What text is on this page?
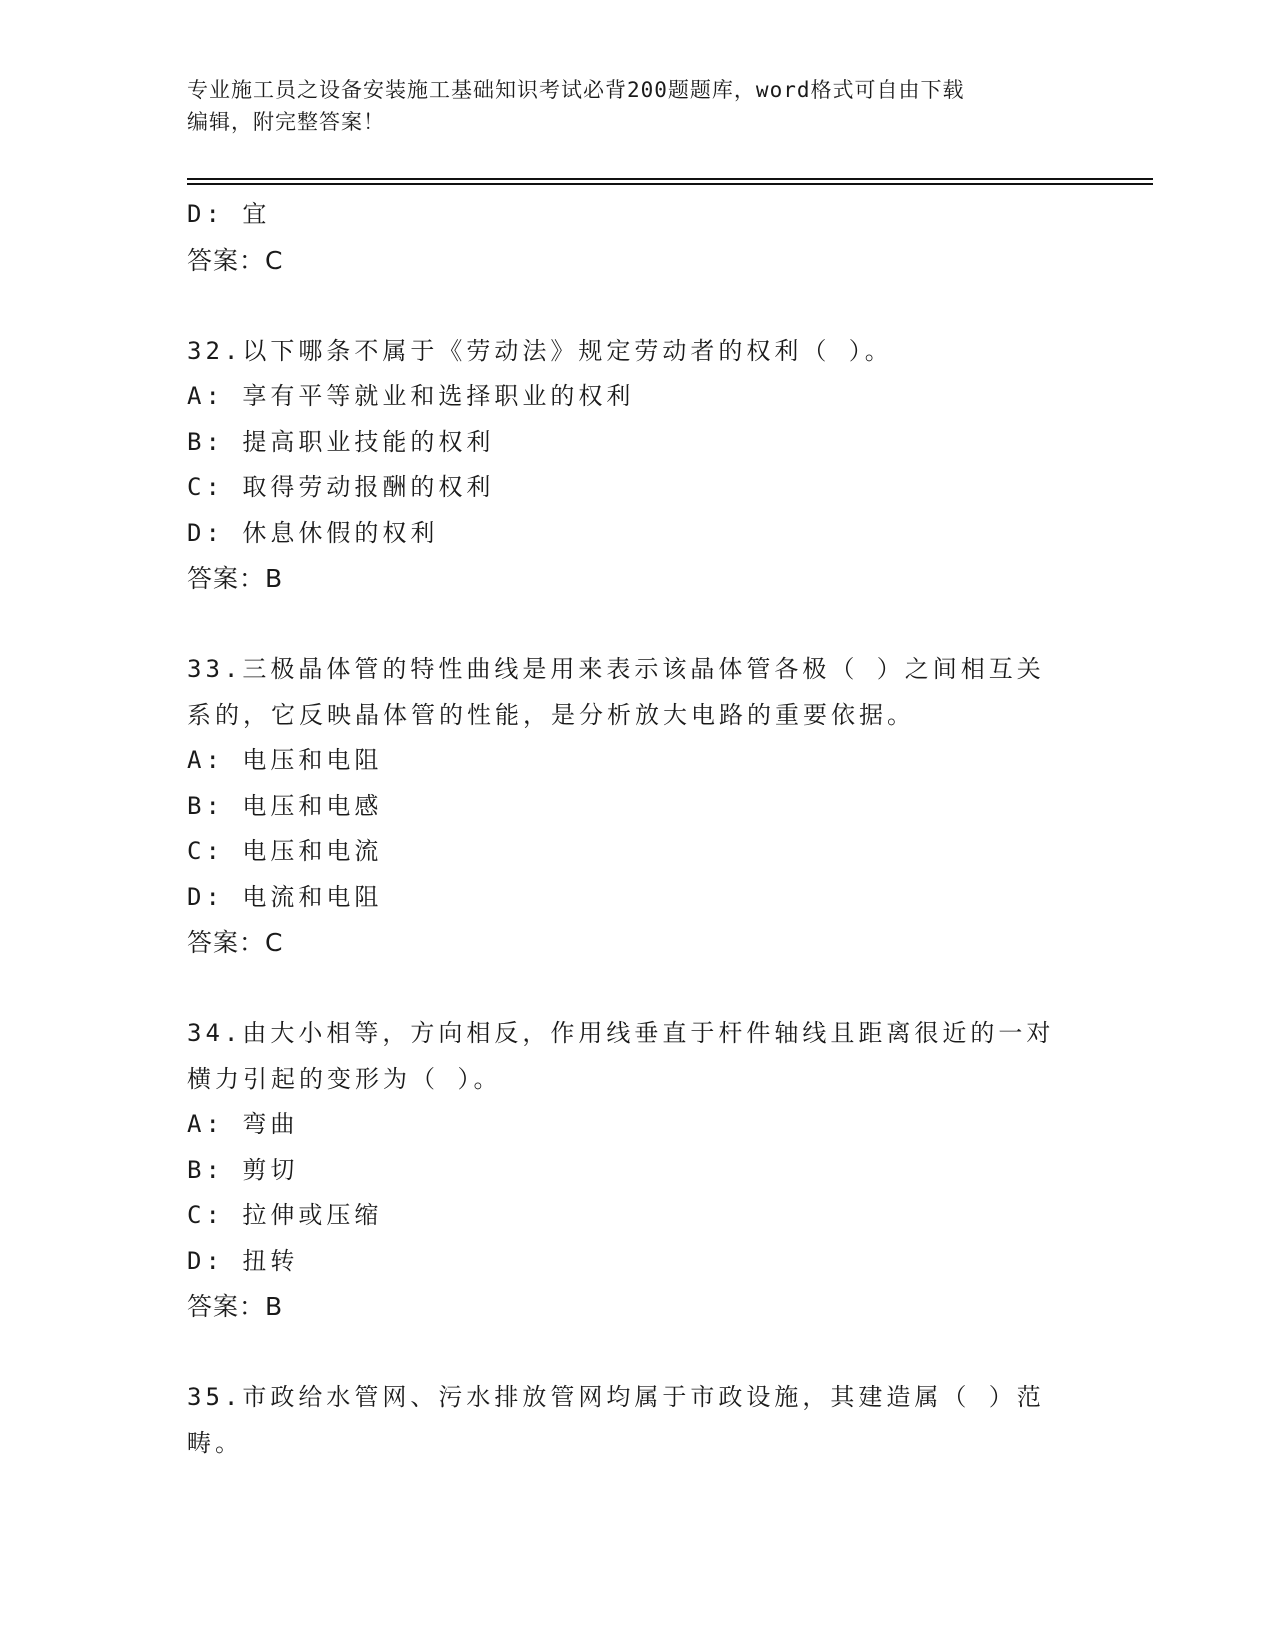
专业施工员之设备安装施工基础知识考试必背200题题库，word格式可自由下载
编辑，附完整答案！
D: 宜
答案：C
32.以下哪条不属于《劳动法》规定劳动者的权利（ ）。
A: 享有平等就业和选择职业的权利
B: 提高职业技能的权利
C: 取得劳动报酬的权利
D: 休息休假的权利
答案：B
33.三极晶体管的特性曲线是用来表示该晶体管各极（ ）之间相互关
系的，它反映晶体管的性能，是分析放大电路的重要依据。
A: 电压和电阻
B: 电压和电感
C: 电压和电流
D: 电流和电阻
答案：C
34.由大小相等，方向相反，作用线垂直于杆件轴线且距离很近的一对
横力引起的变形为（ ）。
A: 弯曲
B: 剪切
C: 拉伸或压缩
D: 扭转
答案：B
35.市政给水管网、污水排放管网均属于市政设施，其建造属（ ）范
畴。
